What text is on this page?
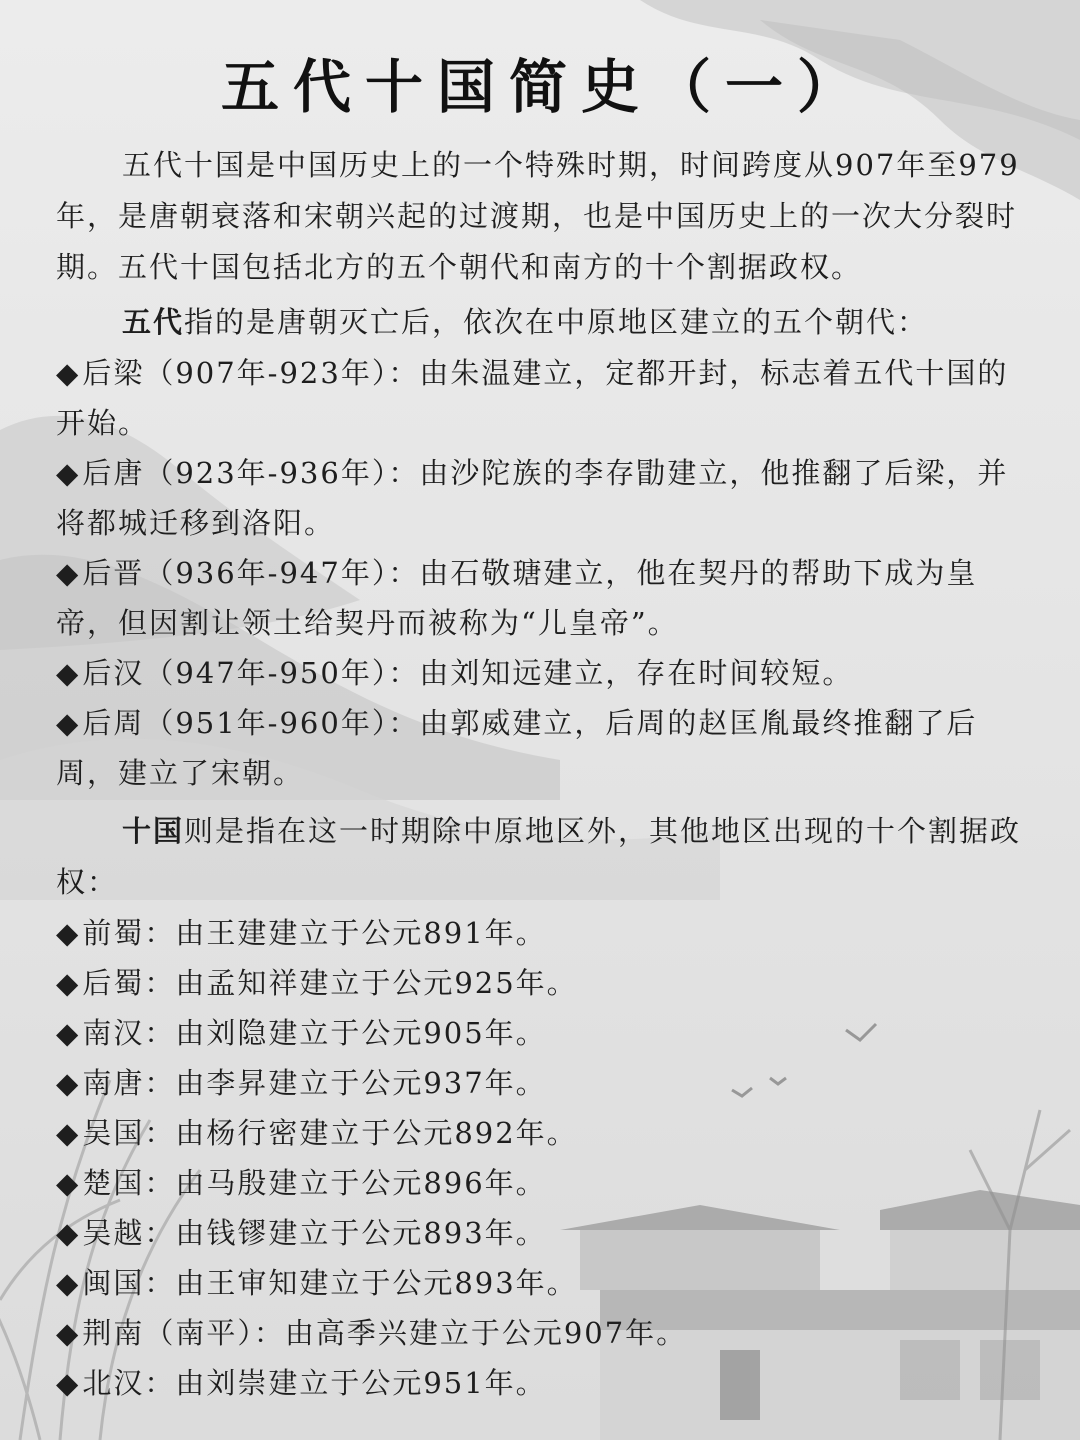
五代十国简史（一）

五代十国是中国历史上的一个特殊时期，时间跨度从907年至979年，是唐朝衰落和宋朝兴起的过渡期，也是中国历史上的一次大分裂时期。五代十国包括北方的五个朝代和南方的十个割据政权。

五代指的是唐朝灭亡后，依次在中原地区建立的五个朝代：

◆后梁（907年-923年）：由朱温建立，定都开封，标志着五代十国的开始。
◆后唐（923年-936年）：由沙陀族的李存勖建立，他推翻了后梁，并将都城迁移到洛阳。
◆后晋（936年-947年）：由石敬瑭建立，他在契丹的帮助下成为皇帝，但因割让领土给契丹而被称为“儿皇帝”。
◆后汉（947年-950年）：由刘知远建立，存在时间较短。
◆后周（951年-960年）：由郭威建立，后周的赵匡胤最终推翻了后周，建立了宋朝。

十国则是指在这一时期除中原地区外，其他地区出现的十个割据政权：

◆前蜀：由王建建立于公元891年。
◆后蜀：由孟知祥建立于公元925年。
◆南汉：由刘隐建立于公元905年。
◆南唐：由李昇建立于公元937年。
◆吴国：由杨行密建立于公元892年。
◆楚国：由马殷建立于公元896年。
◆吴越：由钱镠建立于公元893年。
◆闽国：由王审知建立于公元893年。
◆荆南（南平）：由高季兴建立于公元907年。
◆北汉：由刘崇建立于公元951年。
